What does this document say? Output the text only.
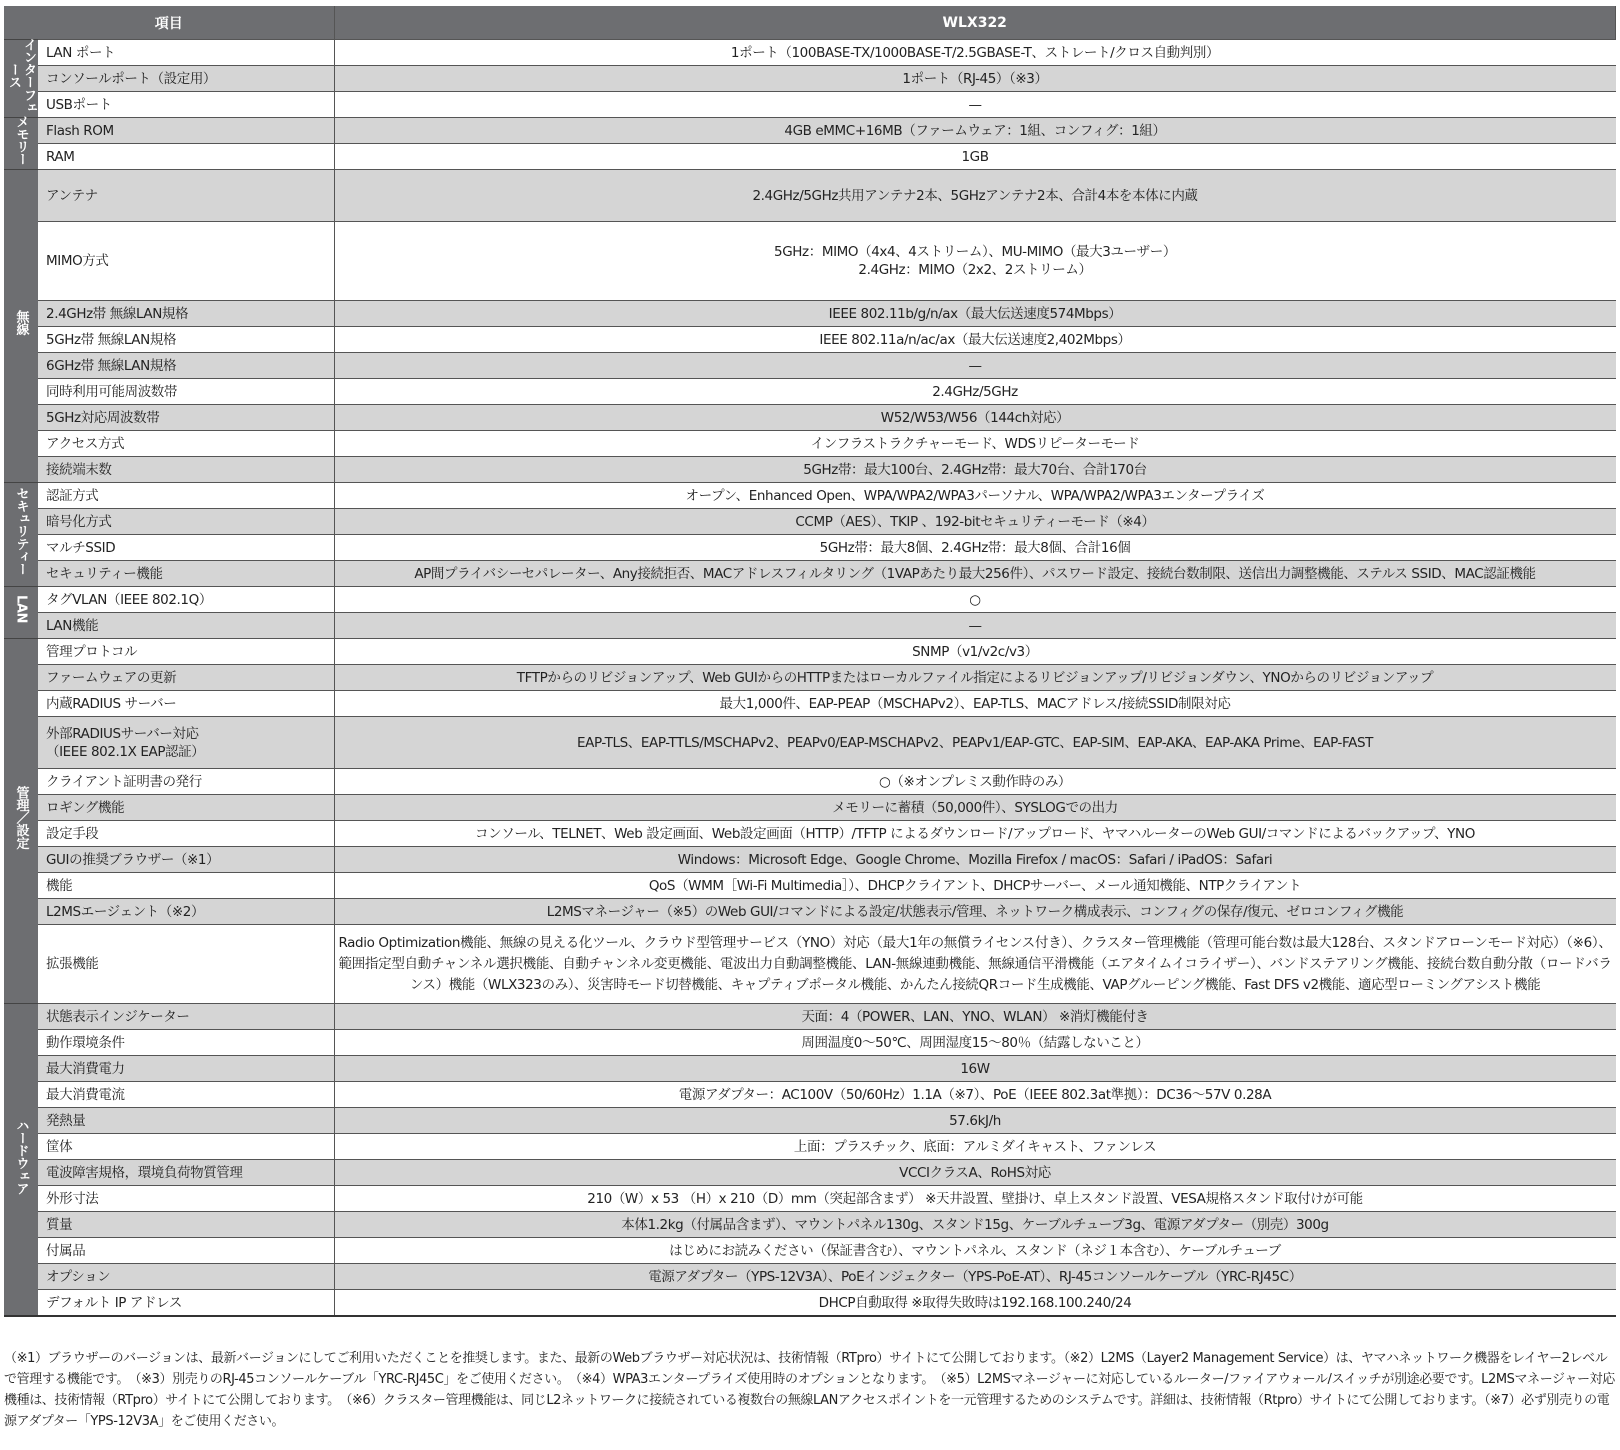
項目		WLX322
インターフェース	LAN ポート	1ポート（100BASE-TX/1000BASE-T/2.5GBASE-T、ストレート/クロス自動判別）

	コンソールポート（設定用）	1ポート（RJ-45）（※3）

	USBポート	—

メモリー	Flash ROM	4GB eMMC+16MB（ファームウェア：1組、コンフィグ：1組）

	RAM	1GB

無線	アンテナ	2.4GHz/5GHz共用アンテナ2本、5GHzアンテナ2本、合計4本を本体に内蔵

	MIMO方式	5GHz：MIMO（4x4、4ストリーム）、MU-MIMO（最大3ユーザー）
2.4GHz：MIMO（2x2、2ストリーム）

	2.4GHz帯 無線LAN規格	IEEE 802.11b/g/n/ax（最大伝送速度574Mbps）

	5GHz帯 無線LAN規格	IEEE 802.11a/n/ac/ax（最大伝送速度2,402Mbps）

	6GHz帯 無線LAN規格	—

	同時利用可能周波数帯	2.4GHz/5GHz

	5GHz対応周波数帯	W52/W53/W56（144ch対応）

	アクセス方式	インフラストラクチャーモード、WDSリピーターモード

	接続端末数	5GHz帯：最大100台、2.4GHz帯：最大70台、合計170台

セキュリティー	認証方式	オープン、Enhanced Open、WPA/WPA2/WPA3パーソナル、WPA/WPA2/WPA3エンタープライズ

	暗号化方式	CCMP（AES）、TKIP 、192-bitセキュリティーモード（※4）

	マルチSSID	5GHz帯：最大8個、2.4GHz帯：最大8個、合計16個

	セキュリティー機能	AP間プライバシーセパレーター、Any接続拒否、MACアドレスフィルタリング（1VAPあたり最大256件）、パスワード設定、接続台数制限、送信出力調整機能、ステルス SSID、MAC認証機能

LAN	タグVLAN（IEEE 802.1Q）	○

	LAN機能	—

管理／設定	管理プロトコル	SNMP（v1/v2c/v3）

	ファームウェアの更新	TFTPからのリビジョンアップ、Web GUIからのHTTPまたはローカルファイル指定によるリビジョンアップ/リビジョンダウン、YNOからのリビジョンアップ

	内蔵RADIUS サーバー	最大1,000件、EAP-PEAP（MSCHAPv2）、EAP-TLS、MACアドレス/接続SSID制限対応

	外部RADIUSサーバー対応
（IEEE 802.1X EAP認証）	EAP-TLS、EAP-TTLS/MSCHAPv2、PEAPv0/EAP-MSCHAPv2、PEAPv1/EAP-GTC、EAP-SIM、EAP-AKA、EAP-AKA Prime、EAP-FAST

	クライアント証明書の発行	○（※オンプレミス動作時のみ）

	ロギング機能	メモリーに蓄積（50,000件）、SYSLOGでの出力

	設定手段	コンソール、TELNET、Web 設定画面、Web設定画面（HTTP）/TFTP によるダウンロード/アップロード、ヤマハルーターのWeb GUI/コマンドによるバックアップ、YNO

	GUIの推奨ブラウザー（※1）	Windows：Microsoft Edge、Google Chrome、Mozilla Firefox / macOS：Safari / iPadOS：Safari

	機能	QoS（WMM［Wi-Fi Multimedia］）、DHCPクライアント、DHCPサーバー、メール通知機能、NTPクライアント

	L2MSエージェント（※2）	L2MSマネージャー（※5）のWeb GUI/コマンドによる設定/状態表示/管理、ネットワーク構成表示、コンフィグの保存/復元、ゼロコンフィグ機能

	拡張機能	Radio Optimization機能、無線の見える化ツール、クラウド型管理サービス（YNO）対応（最大1年の無償ライセンス付き）、クラスター管理機能（管理可能台数は最大128台、スタンドアローンモード対応）（※6）、範囲指定型自動チャンネル選択機能、自動チャンネル変更機能、電波出力自動調整機能、LAN-無線連動機能、無線通信平滑機能（エアタイムイコライザー）、バンドステアリング機能、接続台数自動分散（ロードバランス）機能（WLX323のみ）、災害時モード切替機能、キャプティブポータル機能、かんたん接続QRコード生成機能、VAPグルーピング機能、Fast DFS v2機能、適応型ローミングアシスト機能

ハードウェア	状態表示インジケーター	天面：4（POWER、LAN、YNO、WLAN） ※消灯機能付き

	動作環境条件	周囲温度0〜50℃、周囲湿度15〜80％（結露しないこと）

	最大消費電力	16W

	最大消費電流	電源アダプター：AC100V（50/60Hz）1.1A（※7）、PoE（IEEE 802.3at準拠）：DC36〜57V 0.28A

	発熱量	57.6kJ/h

	筐体	上面：プラスチック、底面：アルミダイキャスト、ファンレス

	電波障害規格，環境負荷物質管理	VCCIクラスA、RoHS対応

	外形寸法	210（W）x 53 （H）x 210（D）mm（突起部含まず） ※天井設置、壁掛け、卓上スタンド設置、VESA規格スタンド取付けが可能

	質量	本体1.2kg（付属品含まず）、マウントパネル130g、スタンド15g、ケーブルチューブ3g、電源アダプター（別売）300g

	付属品	はじめにお読みください（保証書含む）、マウントパネル、スタンド（ネジ１本含む）、ケーブルチューブ

	オプション	電源アダプター（YPS-12V3A）、PoEインジェクター（YPS-PoE-AT）、RJ-45コンソールケーブル（YRC-RJ45C）

	デフォルト IP アドレス	DHCP自動取得 ※取得失敗時は192.168.100.240/24
（※1）ブラウザーのバージョンは、最新バージョンにしてご利用いただくことを推奨します。また、最新のWebブラウザー対応状況は、技術情報（RTpro）サイトにて公開しております。（※2）L2MS（Layer2 Management Service）は、ヤマハネットワーク機器をレイヤー2レベルで管理する機能です。　（※3）別売りのRJ-45コンソールケーブル「YRC-RJ45C」をご使用ください。　（※4）WPA3エンタープライズ使用時のオプションとなります。　（※5）L2MSマネージャーに対応しているルーター/ファイアウォール/スイッチが別途必要です。L2MSマネージャー対応機種は、技術情報（RTpro）サイトにて公開しております。　（※6）クラスター管理機能は、同じL2ネットワークに接続されている複数台の無線LANアクセスポイントを一元管理するためのシステムです。詳細は、技術情報（Rtpro）サイトにて公開しております。（※7）必ず別売りの電源アダプター「YPS-12V3A」をご使用ください。
